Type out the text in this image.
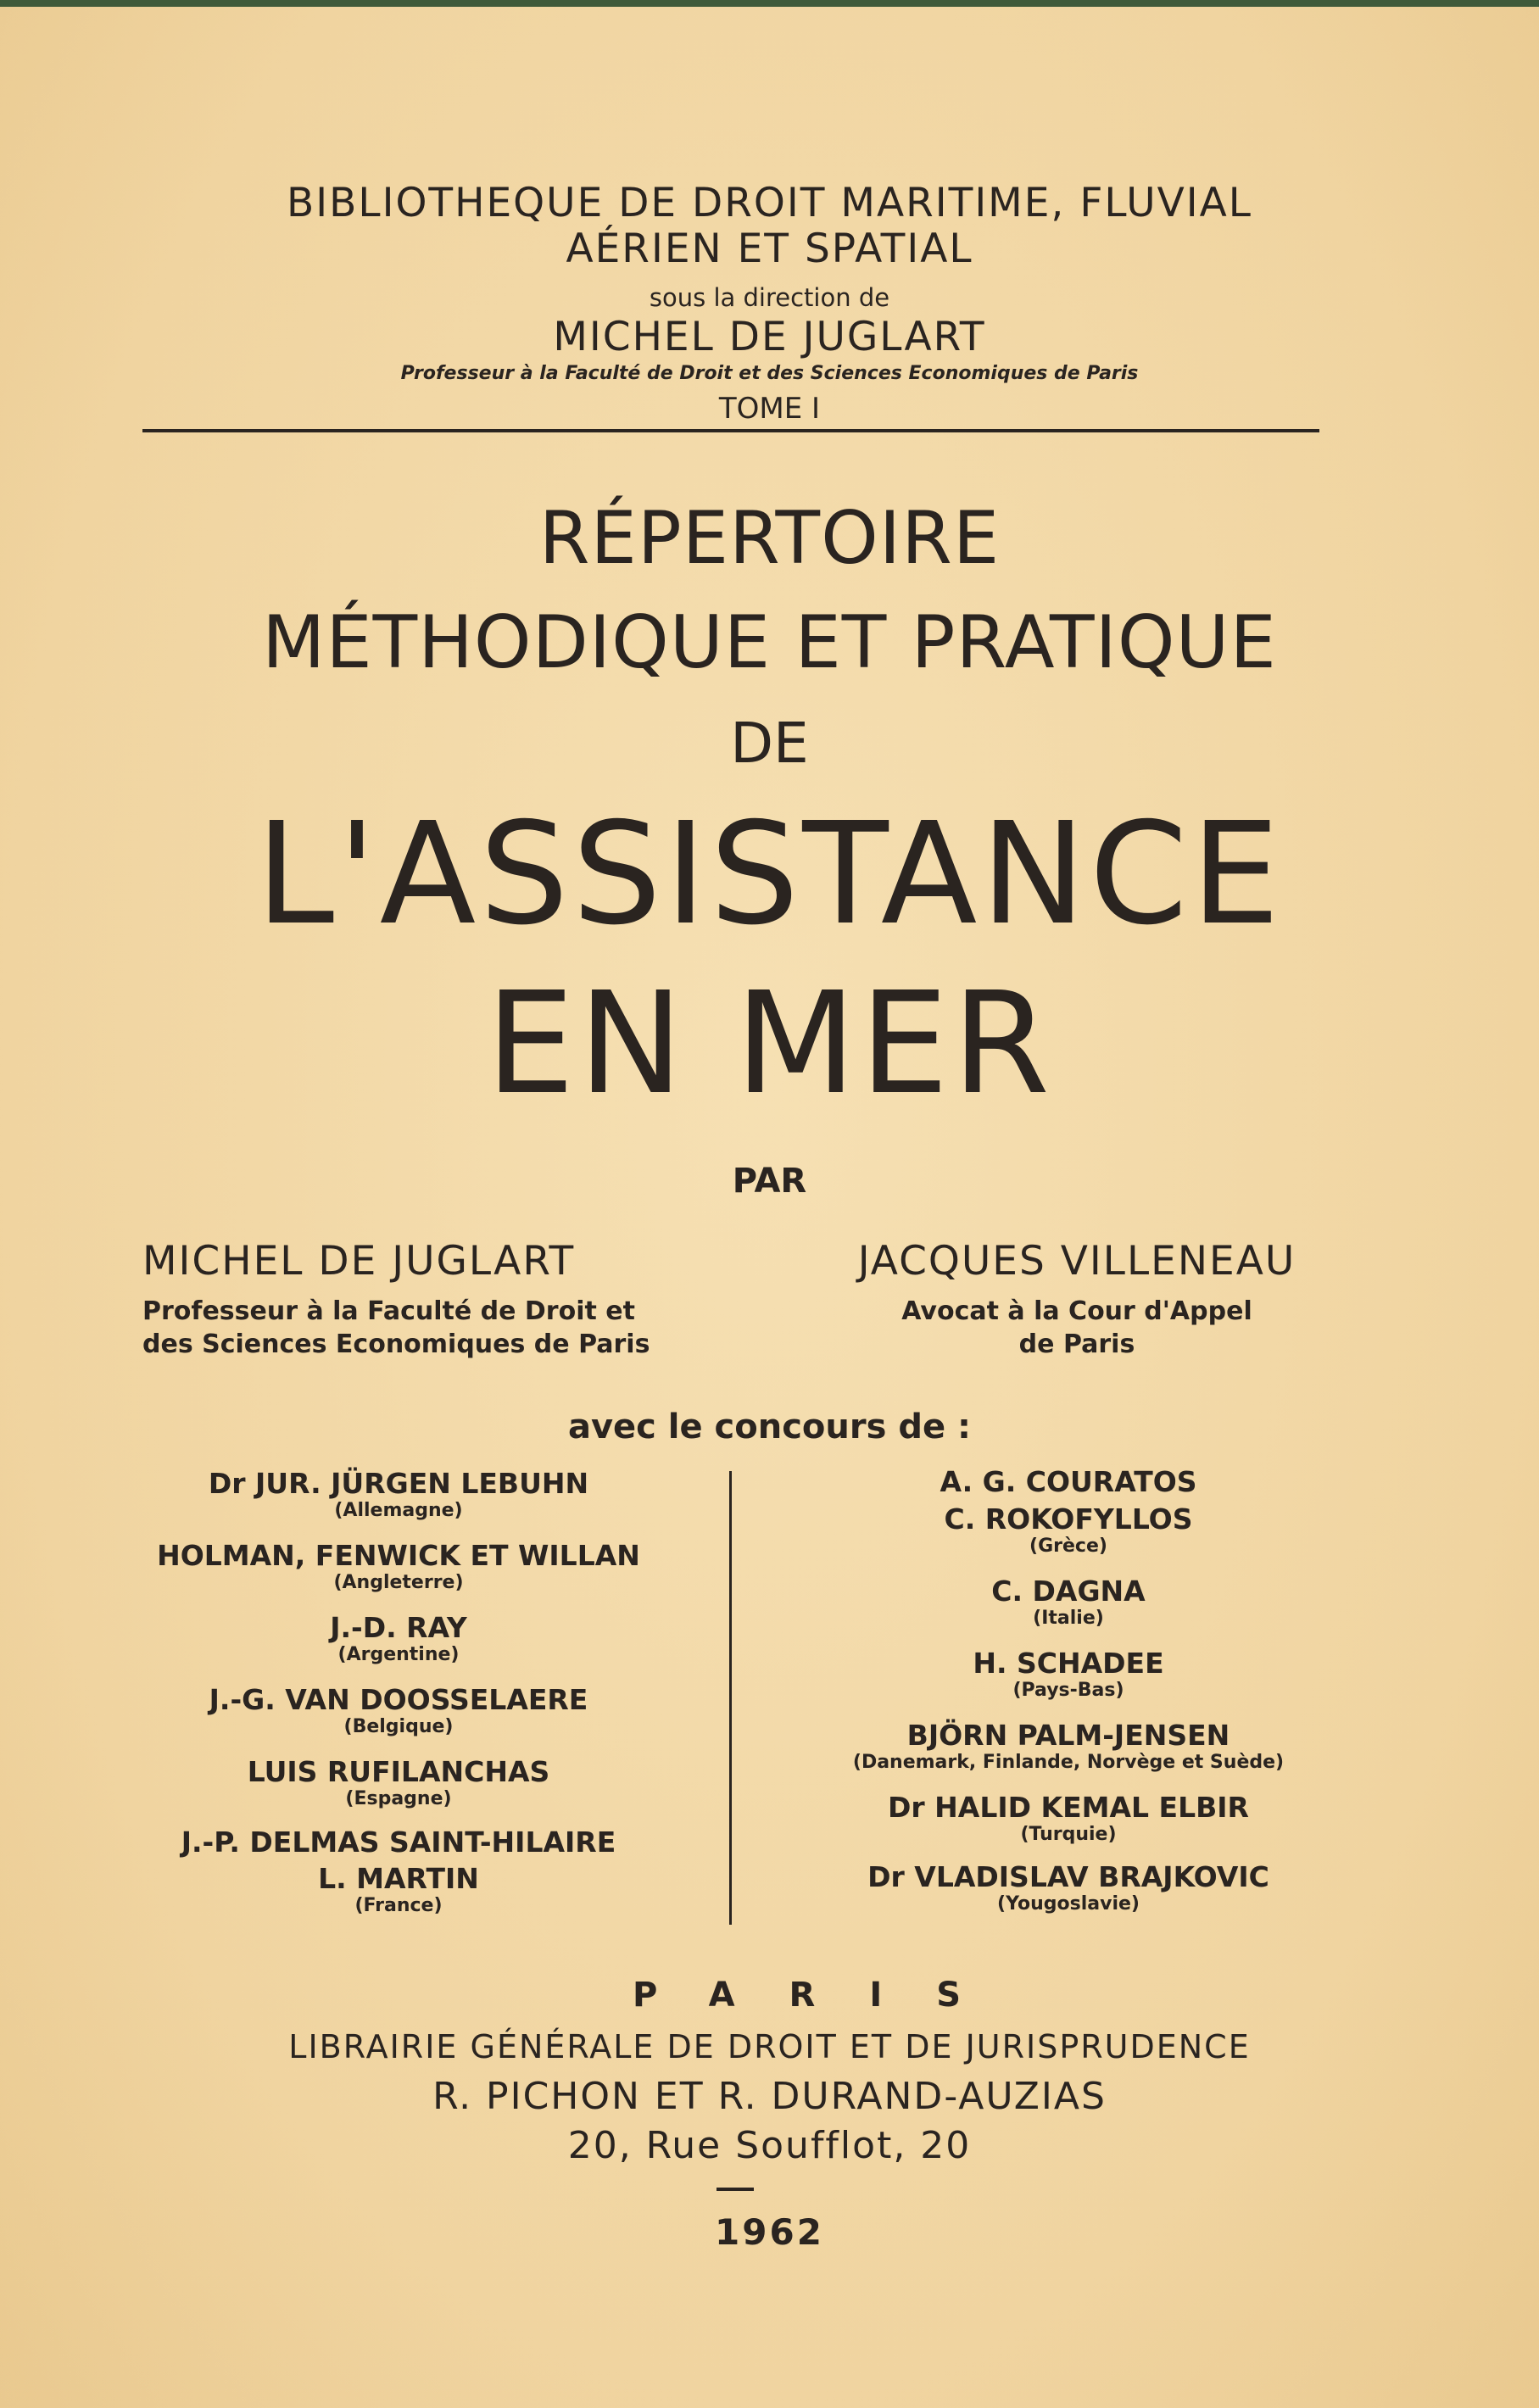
BIBLIOTHEQUE DE DROIT MARITIME, FLUVIAL
AÉRIEN ET SPATIAL
sous la direction de
MICHEL DE JUGLART
Professeur à la Faculté de Droit et des Sciences Economiques de Paris
TOME I
RÉPERTOIRE
MÉTHODIQUE ET PRATIQUE
DE
L'ASSISTANCE
EN MER
PAR
MICHEL DE JUGLART
Professeur à la Faculté de Droit et
des Sciences Economiques de Paris
JACQUES VILLENEAU
Avocat à la Cour d'Appel
de Paris
avec le concours de :
Dr JUR. JÜRGEN LEBUHN
(Allemagne)
HOLMAN, FENWICK ET WILLAN
(Angleterre)
J.-D. RAY
(Argentine)
J.-G. VAN DOOSSELAERE
(Belgique)
LUIS RUFILANCHAS
(Espagne)
J.-P. DELMAS SAINT-HILAIRE
L. MARTIN
(France)
A. G. COURATOS
C. ROKOFYLLOS
(Grèce)
C. DAGNA
(Italie)
H. SCHADEE
(Pays-Bas)
BJÖRN PALM-JENSEN
(Danemark, Finlande, Norvège et Suède)
Dr HALID KEMAL ELBIR
(Turquie)
Dr VLADISLAV BRAJKOVIC
(Yougoslavie)
PARIS
LIBRAIRIE GÉNÉRALE DE DROIT ET DE JURISPRUDENCE
R. PICHON ET R. DURAND-AUZIAS
20, Rue Soufflot, 20
1962
